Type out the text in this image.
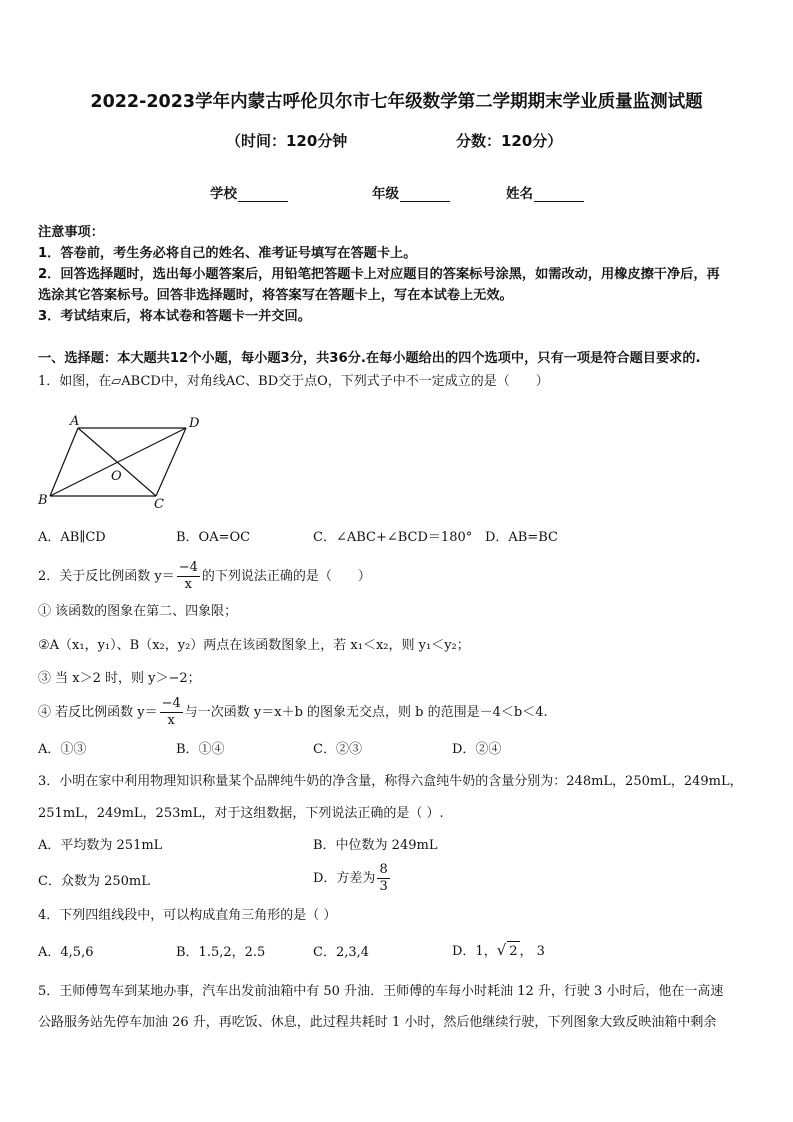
2022-2023学年内蒙古呼伦贝尔市七年级数学第二学期期末学业质量监测试题
（时间：120分钟	分数：120分）
学校	年级	姓名
注意事项：
1．答卷前，考生务必将自己的姓名、准考证号填写在答题卡上。
2．回答选择题时，选出每小题答案后，用铅笔把答题卡上对应题目的答案标号涂黑，如需改动，用橡皮擦干净后，再
选涂其它答案标号。回答非选择题时，将答案写在答题卡上，写在本试卷上无效。
3．考试结束后，将本试卷和答题卡一并交回。
一、选择题：本大题共12个小题，每小题3分，共36分.在每小题给出的四个选项中，只有一项是符合题目要求的.
1．如图，在▱ABCD中，对角线AC、BD交于点O，下列式子中不一定成立的是（　　）
A	D
B	C
O
A．AB∥CD	B．OA=OC	C．∠ABC+∠BCD＝180° D．AB=BC
2．关于反比例函数 $y= \frac{-4}{x}$ 的下列说法正确的是（　　）
① 该函数的图象在第二、四象限；
②A（x₁，y₁）、B（x₂，y₂）两点在该函数图象上，若 x₁＜x₂，则 y₁＜y₂；
③ 当 x＞2 时，则 y＞−2；
④ 若反比例函数 $y= \frac{-4}{x}$ 与一次函数 y＝x＋b 的图象无交点，则 b 的范围是－4＜b＜4.
A．①③	B．①④	C．②③	D．②④
3．小明在家中利用物理知识称量某个品牌纯牛奶的净含量，称得六盒纯牛奶的含量分别为：248mL，250mL，249mL，
251mL，249mL，253mL，对于这组数据，下列说法正确的是（ ）.
A．平均数为 251mL	B．中位数为 249mL
C．众数为 250mL	D．方差为 $\frac{8}{3}$
4．下列四组线段中，可以构成直角三角形的是（ ）
A．4,5,6	B．1.5,2，2.5	C．2,3,4	D．1，√ 2 ， 3
5．王师傅驾车到某地办事，汽车出发前油箱中有 50 升油．王师傅的车每小时耗油 12 升，行驶 3 小时后，他在一高速
公路服务站先停车加油 26 升，再吃饭、休息，此过程共耗时 1 小时，然后他继续行驶，下列图象大致反映油箱中剩余
